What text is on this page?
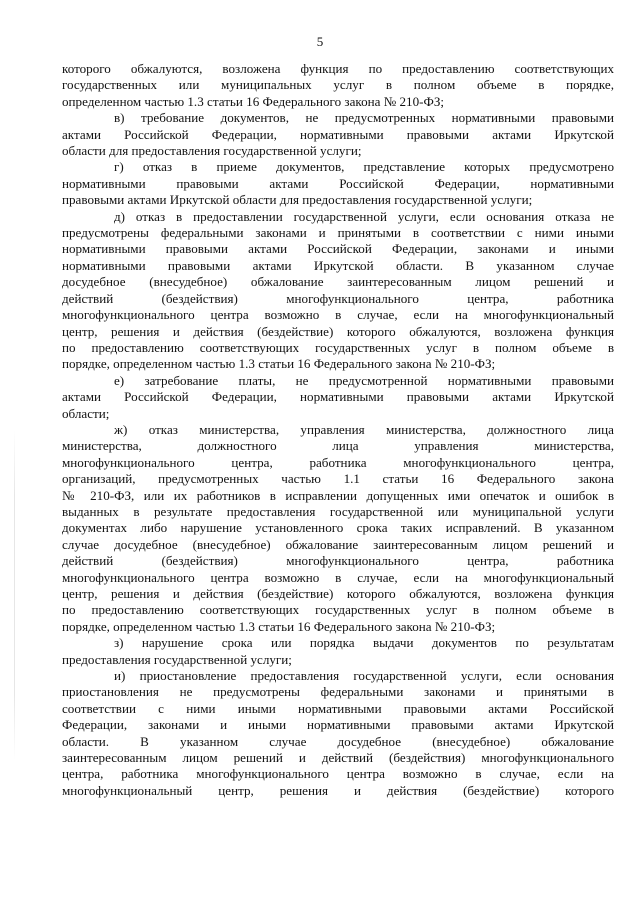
5

которого обжалуются, возложена функция по предоставлению соответствующих
государственных или муниципальных услуг в полном объеме в порядке,
определенном частью 1.3 статьи 16 Федерального закона № 210-ФЗ;

в) требование документов, не предусмотренных нормативными правовыми
актами Российской Федерации, нормативными правовыми актами Иркутской
области для предоставления государственной услуги;

г) отказ в приеме документов, представление которых предусмотрено
нормативными правовыми актами Российской Федерации, нормативными
правовыми актами Иркутской области для предоставления государственной услуги;

д) отказ в предоставлении государственной услуги, если основания отказа не
предусмотрены федеральными законами и принятыми в соответствии с ними иными
нормативными правовыми актами Российской Федерации, законами и иными
нормативными правовыми актами Иркутской области. В указанном случае
досудебное (внесудебное) обжалование заинтересованным лицом решений и
действий (бездействия) многофункционального центра, работника
многофункционального центра возможно в случае, если на многофункциональный
центр, решения и действия (бездействие) которого обжалуются, возложена функция
по предоставлению соответствующих государственных услуг в полном объеме в
порядке, определенном частью 1.3 статьи 16 Федерального закона № 210-ФЗ;

е) затребование платы, не предусмотренной нормативными правовыми
актами Российской Федерации, нормативными правовыми актами Иркутской
области;

ж) отказ министерства, управления министерства, должностного лица
министерства, должностного лица управления министерства,
многофункционального центра, работника многофункционального центра,
организаций, предусмотренных частью 1.1 статьи 16 Федерального закона
№ 210-ФЗ, или их работников в исправлении допущенных ими опечаток и ошибок в
выданных в результате предоставления государственной или муниципальной услуги
документах либо нарушение установленного срока таких исправлений. В указанном
случае досудебное (внесудебное) обжалование заинтересованным лицом решений и
действий (бездействия) многофункционального центра, работника
многофункционального центра возможно в случае, если на многофункциональный
центр, решения и действия (бездействие) которого обжалуются, возложена функция
по предоставлению соответствующих государственных услуг в полном объеме в
порядке, определенном частью 1.3 статьи 16 Федерального закона № 210-ФЗ;

з) нарушение срока или порядка выдачи документов по результатам
предоставления государственной услуги;

и) приостановление предоставления государственной услуги, если основания
приостановления не предусмотрены федеральными законами и принятыми в
соответствии с ними иными нормативными правовыми актами Российской
Федерации, законами и иными нормативными правовыми актами Иркутской
области. В указанном случае досудебное (внесудебное) обжалование
заинтересованным лицом решений и действий (бездействия) многофункционального
центра, работника многофункционального центра возможно в случае, если на
многофункциональный центр, решения и действия (бездействие) которого
